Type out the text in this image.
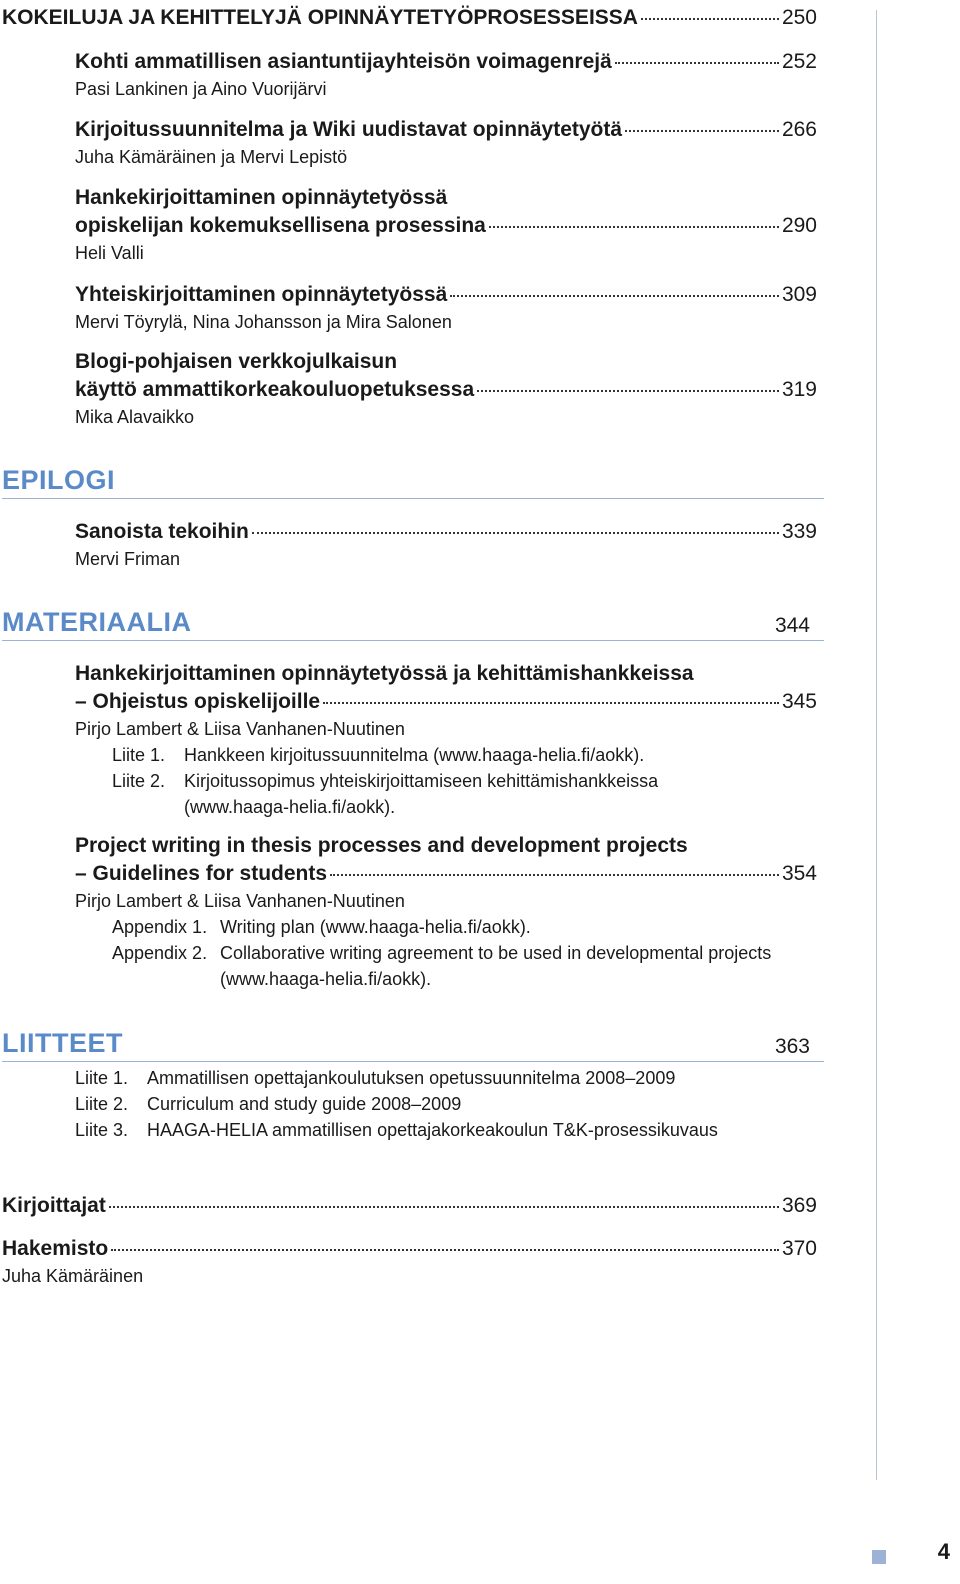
KOKEILUJA JA KEHITTELYJÄ OPINNÄYTETYÖPROSESSEISSA	250
Kohti ammatillisen asiantuntijayhteisön voimagenrejä	252
Pasi Lankinen ja Aino Vuorijärvi
Kirjoitussuunnitelma ja Wiki uudistavat opinnäytetyötä	266
Juha Kämäräinen ja Mervi Lepistö
Hankekirjoittaminen opinnäytetyössä
opiskelijan kokemuksellisena prosessina	290
Heli Valli
Yhteiskirjoittaminen opinnäytetyössä	309
Mervi Töyrylä, Nina Johansson ja Mira Salonen
Blogi-pohjaisen verkkojulkaisun
käyttö ammattikorkeakouluopetuksessa	319
Mika Alavaikko
EPILOGI
Sanoista tekoihin	339
Mervi Friman
MATERIAALIA	344
Hankekirjoittaminen opinnäytetyössä ja kehittämishankkeissa
– Ohjeistus opiskelijoille	345
Pirjo Lambert & Liisa Vanhanen-Nuutinen
Liite 1. Hankkeen kirjoitussuunnitelma (www.haaga-helia.fi/aokk).
Liite 2. Kirjoitussopimus yhteiskirjoittamiseen kehittämishankkeissa
(www.haaga-helia.fi/aokk).
Project writing in thesis processes and development projects
– Guidelines for students	354
Pirjo Lambert & Liisa Vanhanen-Nuutinen
Appendix 1. Writing plan (www.haaga-helia.fi/aokk).
Appendix 2. Collaborative writing agreement to be used in developmental projects
(www.haaga-helia.fi/aokk).
LIITTEET	363
Liite 1. Ammatillisen opettajankoulutuksen opetussuunnitelma 2008–2009
Liite 2. Curriculum and study guide 2008–2009
Liite 3. HAAGA-HELIA ammatillisen opettajakorkeakoulun T&K-prosessikuvaus
Kirjoittajat	369
Hakemisto	370
Juha Kämäräinen
4
